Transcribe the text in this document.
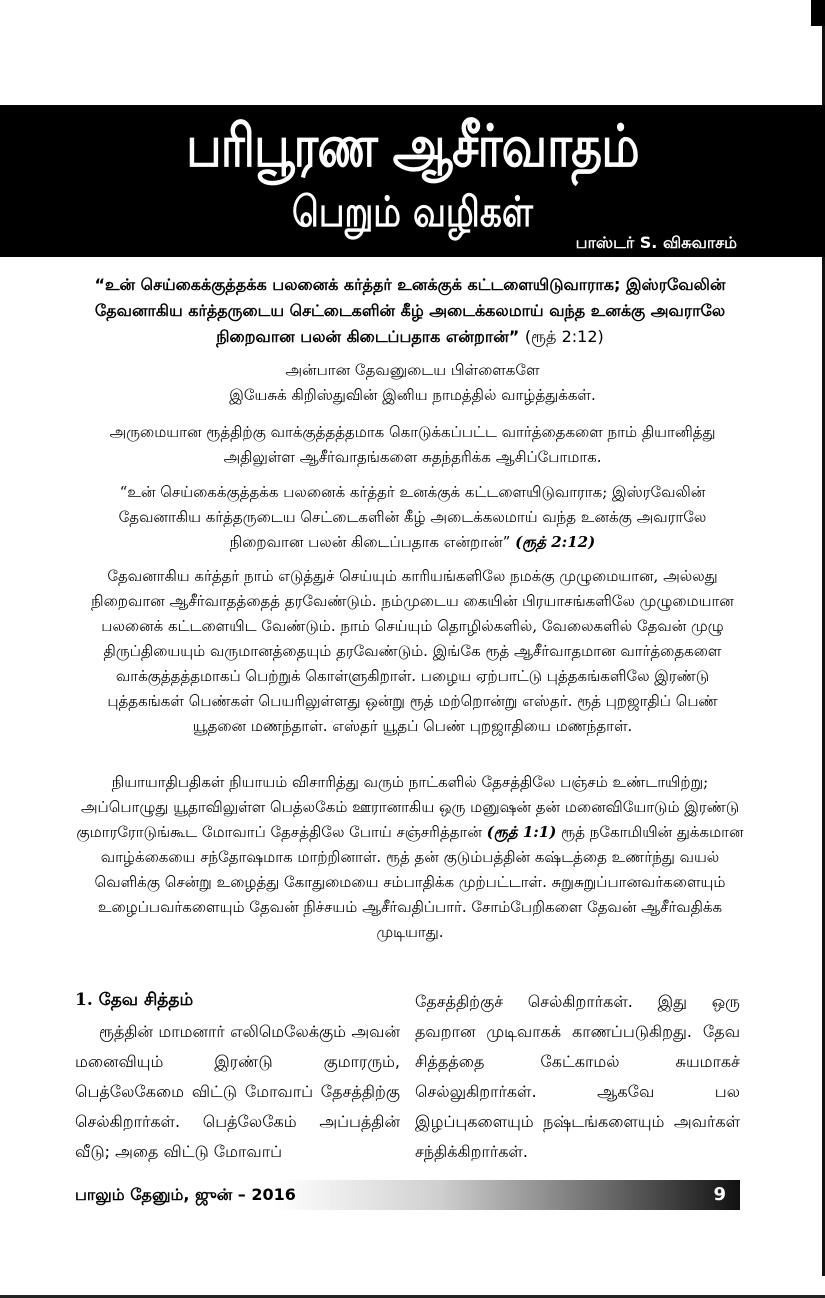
பரிபூரண ஆசீர்வாதம்
பெறும் வழிகள்
பாஸ்டர் S. விசுவாசம்
“உன் செய்கைக்குத்தக்க பலனைக் கர்த்தர் உனக்குக் கட்டளையிடுவாராக; இஸ்ரவேலின் தேவனாகிய கர்த்தருடைய செட்டைகளின் கீழ் அடைக்கலமாய் வந்த உனக்கு அவராலே நிறைவான பலன் கிடைப்பதாக என்றான்” (ரூத் 2:12)
அன்பான தேவனுடைய பிள்ளைகளே
இயேசுக் கிறிஸ்துவின் இனிய நாமத்தில் வாழ்த்துக்கள்.
அருமையான ரூத்திற்கு வாக்குத்தத்தமாக கொடுக்கப்பட்ட வார்த்தைகளை நாம் தியானித்து அதிலுள்ள ஆசீர்வாதங்களை சுதந்தரிக்க ஆசிப்போமாக.
“உன் செய்கைக்குத்தக்க பலனைக் கர்த்தர் உனக்குக் கட்டளையிடுவாராக; இஸ்ரவேலின் தேவனாகிய கர்த்தருடைய செட்டைகளின் கீழ் அடைக்கலமாய் வந்த உனக்கு அவராலே நிறைவான பலன் கிடைப்பதாக என்றான்” (ரூத் 2:12)
தேவனாகிய கர்த்தர் நாம் எடுத்துச் செய்யும் காரியங்களிலே நமக்கு முழுமையான, அல்லது நிறைவான ஆசீர்வாதத்தைத் தரவேண்டும். நம்முடைய கையின் பிரயாசங்களிலே முழுமையான பலனைக் கட்டளையிட வேண்டும். நாம் செய்யும் தொழில்களில், வேலைகளில் தேவன் முழு திருப்தியையும் வருமானத்தையும் தரவேண்டும். இங்கே ரூத் ஆசீர்வாதமான வார்த்தைகளை வாக்குத்தத்தமாகப் பெற்றுக் கொள்ளுகிறாள். பழைய ஏற்பாட்டு புத்தகங்களிலே இரண்டு புத்தகங்கள் பெண்கள் பெயரிலுள்ளது ஒன்று ரூத் மற்றொன்று எஸ்தர். ரூத் புறஜாதிப் பெண் யூதனை மணந்தாள். எஸ்தர் யூதப் பெண் புறஜாதியை மணந்தாள்.
நியாயாதிபதிகள் நியாயம் விசாரித்து வரும் நாட்களில் தேசத்திலே பஞ்சம் உண்டாயிற்று; அப்பொழுது யூதாவிலுள்ள பெத்லகேம் ஊரானாகிய ஒரு மனுஷன் தன் மனைவியோடும் இரண்டு குமாரரோடுங்கூட மோவாப் தேசத்திலே போய் சஞ்சரித்தான் (ரூத் 1:1) ரூத் நகோமியின் துக்கமான வாழ்க்கையை சந்தோஷமாக மாற்றினாள். ரூத் தன் குடும்பத்தின் கஷ்டத்தை உணர்ந்து வயல் வெளிக்கு சென்று உழைத்து கோதுமையை சம்பாதிக்க முற்பட்டாள். சுறுசுறுப்பானவர்களையும் உழைப்பவர்களையும் தேவன் நிச்சயம் ஆசீர்வதிப்பார். சோம்பேறிகளை தேவன் ஆசீர்வதிக்க முடியாது.
1. தேவ சித்தம்

ரூத்தின் மாமனார் எலிமெலேக்கும் அவன் மனைவியும் இரண்டு குமாரரும், பெத்லேகேமை விட்டு மோவாப் தேசத்திற்கு செல்கிறார்கள். பெத்லேகேம் அப்பத்தின் வீடு; அதை விட்டு மோவாப்

தேசத்திற்குச் செல்கிறார்கள். இது ஒரு தவறான முடிவாகக் காணப்படுகிறது. தேவ சித்தத்தை கேட்காமல் சுயமாகச் செல்லுகிறார்கள். ஆகவே பல இழப்புகளையும் நஷ்டங்களையும் அவர்கள் சந்திக்கிறார்கள்.

பாலும் தேனும், ஜுன் – 2016	9
